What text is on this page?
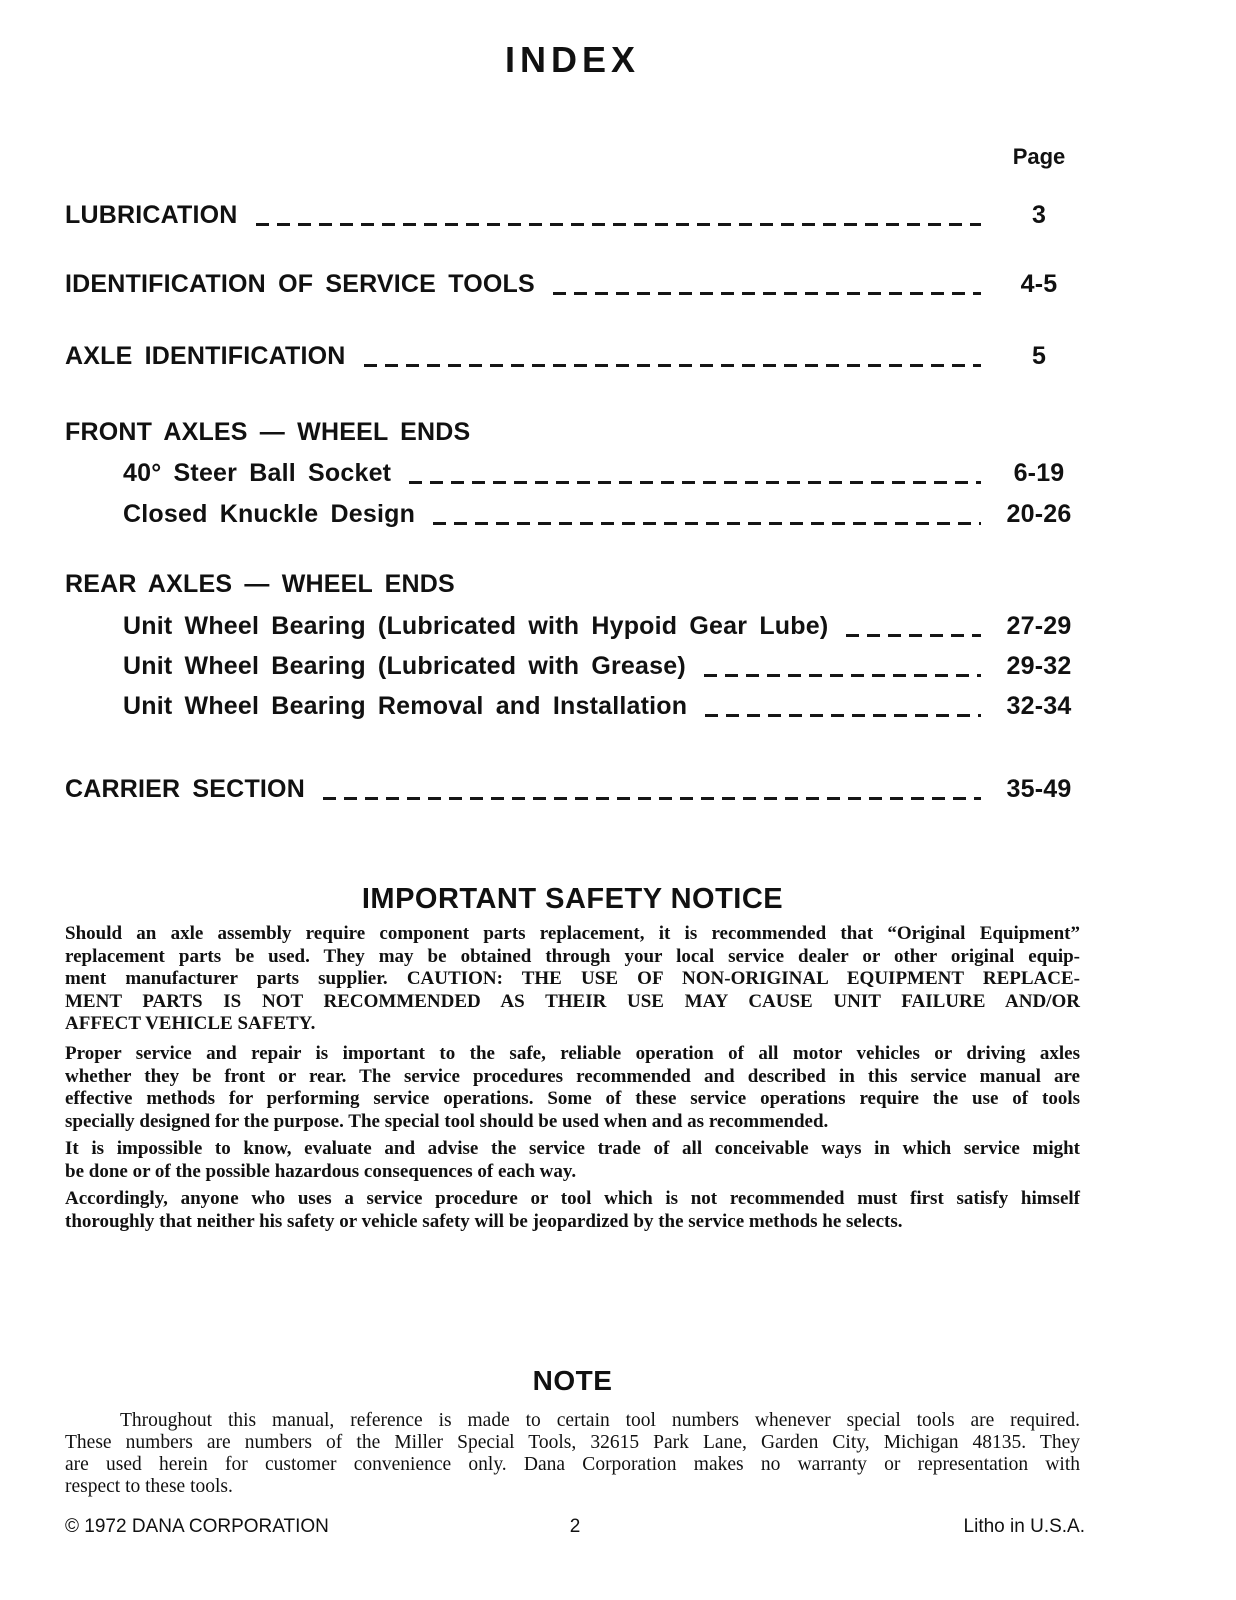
INDEX
Page
LUBRICATION	3
IDENTIFICATION OF SERVICE TOOLS	4-5
AXLE IDENTIFICATION	5
FRONT AXLES — WHEEL ENDS
40° Steer Ball Socket	6-19
Closed Knuckle Design	20-26
REAR AXLES — WHEEL ENDS
Unit Wheel Bearing (Lubricated with Hypoid Gear Lube)	27-29
Unit Wheel Bearing (Lubricated with Grease)	29-32
Unit Wheel Bearing Removal and Installation	32-34
CARRIER SECTION	35-49
IMPORTANT SAFETY NOTICE
Should an axle assembly require component parts replacement, it is recommended that “Original Equipment”
replacement parts be used. They may be obtained through your local service dealer or other original equip-
ment manufacturer parts supplier. CAUTION: THE USE OF NON-ORIGINAL EQUIPMENT REPLACE-
MENT PARTS IS NOT RECOMMENDED AS THEIR USE MAY CAUSE UNIT FAILURE AND/OR
AFFECT VEHICLE SAFETY.
Proper service and repair is important to the safe, reliable operation of all motor vehicles or driving axles
whether they be front or rear. The service procedures recommended and described in this service manual are
effective methods for performing service operations. Some of these service operations require the use of tools
specially designed for the purpose. The special tool should be used when and as recommended.
It is impossible to know, evaluate and advise the service trade of all conceivable ways in which service might
be done or of the possible hazardous consequences of each way.
Accordingly, anyone who uses a service procedure or tool which is not recommended must first satisfy himself
thoroughly that neither his safety or vehicle safety will be jeopardized by the service methods he selects.
NOTE
Throughout this manual, reference is made to certain tool numbers whenever special tools are required.
These numbers are numbers of the Miller Special Tools, 32615 Park Lane, Garden City, Michigan 48135. They
are used herein for customer convenience only. Dana Corporation makes no warranty or representation with
respect to these tools.
© 1972 DANA CORPORATION	2	Litho in U.S.A.
